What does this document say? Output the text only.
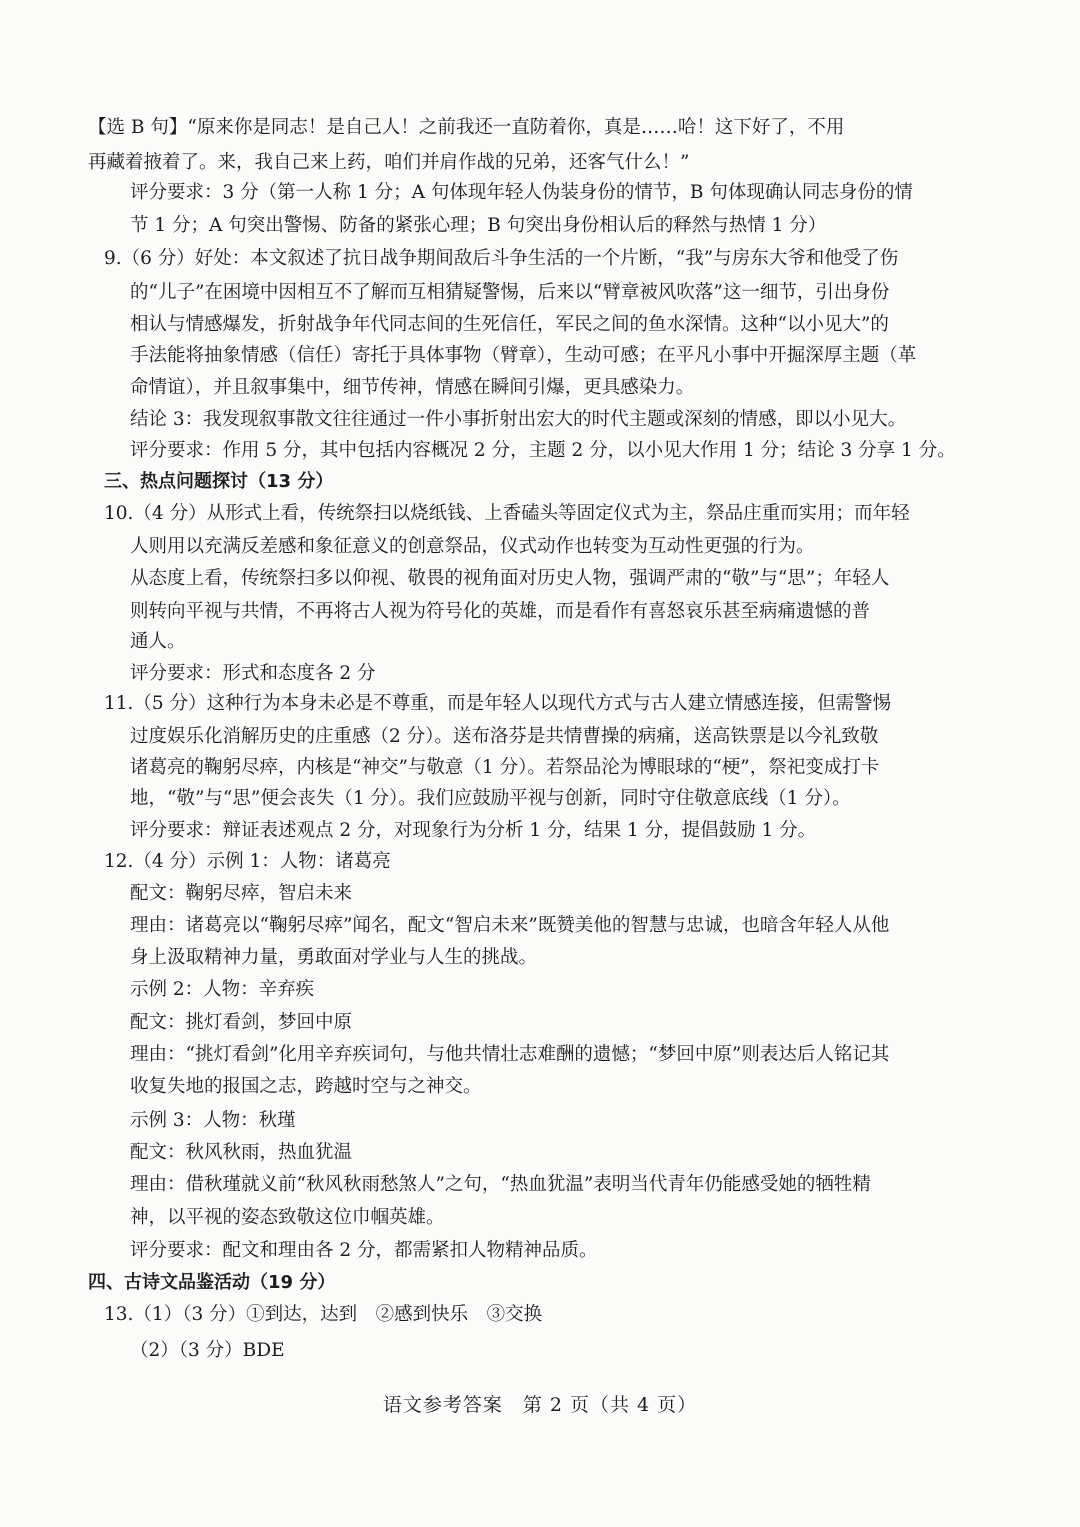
【选 B 句】“原来你是同志！是自己人！之前我还一直防着你，真是……哈！这下好了，不用
再藏着掖着了。来，我自己来上药，咱们并肩作战的兄弟，还客气什么！”
评分要求：3 分（第一人称 1 分；A 句体现年轻人伪装身份的情节，B 句体现确认同志身份的情
节 1 分；A 句突出警惕、防备的紧张心理；B 句突出身份相认后的释然与热情 1 分）
9.（6 分）好处：本文叙述了抗日战争期间敌后斗争生活的一个片断，“我”与房东大爷和他受了伤
的“儿子”在困境中因相互不了解而互相猜疑警惕，后来以“臂章被风吹落”这一细节，引出身份
相认与情感爆发，折射战争年代同志间的生死信任，军民之间的鱼水深情。这种“以小见大”的
手法能将抽象情感（信任）寄托于具体事物（臂章），生动可感；在平凡小事中开掘深厚主题（革
命情谊），并且叙事集中，细节传神，情感在瞬间引爆，更具感染力。
结论 3：我发现叙事散文往往通过一件小事折射出宏大的时代主题或深刻的情感，即以小见大。
评分要求：作用 5 分，其中包括内容概况 2 分，主题 2 分，以小见大作用 1 分；结论 3 分享 1 分。
三、热点问题探讨（13 分）
10.（4 分）从形式上看，传统祭扫以烧纸钱、上香磕头等固定仪式为主，祭品庄重而实用；而年轻
人则用以充满反差感和象征意义的创意祭品，仪式动作也转变为互动性更强的行为。
从态度上看，传统祭扫多以仰视、敬畏的视角面对历史人物，强调严肃的“敬”与“思”；年轻人
则转向平视与共情，不再将古人视为符号化的英雄，而是看作有喜怒哀乐甚至病痛遗憾的普
通人。
评分要求：形式和态度各 2 分
11.（5 分）这种行为本身未必是不尊重，而是年轻人以现代方式与古人建立情感连接，但需警惕
过度娱乐化消解历史的庄重感（2 分）。送布洛芬是共情曹操的病痛，送高铁票是以今礼致敬
诸葛亮的鞠躬尽瘁，内核是“神交”与敬意（1 分）。若祭品沦为博眼球的“梗”，祭祀变成打卡
地，“敬”与“思”便会丧失（1 分）。我们应鼓励平视与创新，同时守住敬意底线（1 分）。
评分要求：辩证表述观点 2 分，对现象行为分析 1 分，结果 1 分，提倡鼓励 1 分。
12.（4 分）示例 1：人物：诸葛亮
配文：鞠躬尽瘁，智启未来
理由：诸葛亮以“鞠躬尽瘁”闻名，配文“智启未来”既赞美他的智慧与忠诚，也暗含年轻人从他
身上汲取精神力量，勇敢面对学业与人生的挑战。
示例 2：人物：辛弃疾
配文：挑灯看剑，梦回中原
理由：“挑灯看剑”化用辛弃疾词句，与他共情壮志难酬的遗憾；“梦回中原”则表达后人铭记其
收复失地的报国之志，跨越时空与之神交。
示例 3：人物：秋瑾
配文：秋风秋雨，热血犹温
理由：借秋瑾就义前“秋风秋雨愁煞人”之句，“热血犹温”表明当代青年仍能感受她的牺牲精
神，以平视的姿态致敬这位巾帼英雄。
评分要求：配文和理由各 2 分，都需紧扣人物精神品质。
四、古诗文品鉴活动（19 分）
13.（1）（3 分）①到达，达到　②感到快乐　③交换
（2）（3 分）BDE
语文参考答案　第 2 页（共 4 页）
